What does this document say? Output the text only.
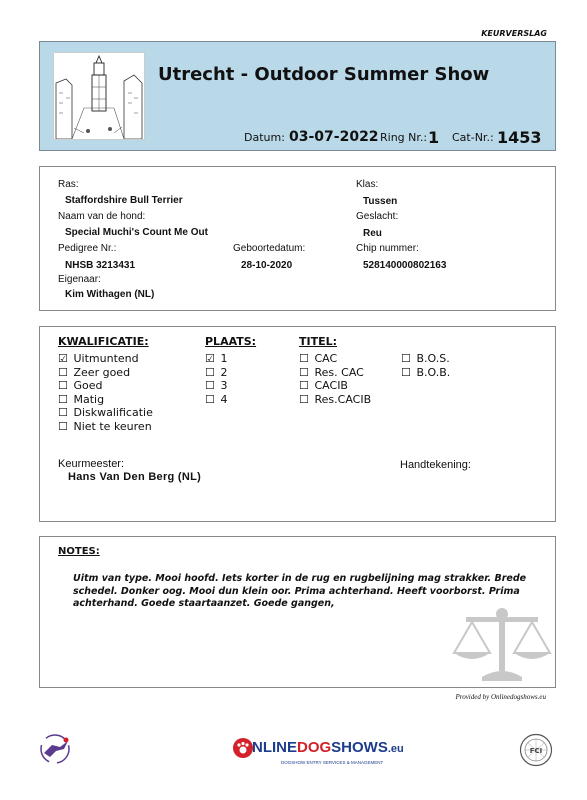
KEURVERSLAG
Utrecht - Outdoor Summer Show
Datum: 03-07-2022 Ring Nr.: 1 Cat-Nr.: 1453
Ras:
Staffordshire Bull Terrier
Naam van de hond:
Special Muchi's Count Me Out
Pedigree Nr.:
NHSB 3213431
Geboortedatum:
28-10-2020
Eigenaar:
Kim Withagen (NL)
Klas:
Tussen
Geslacht:
Reu
Chip nummer:
528140000802163
KWALIFICATIE:	PLAATS:	TITEL:
☑ Uitmuntend
☐ Zeer goed
☐ Goed
☐ Matig
☐ Diskwalificatie
☐ Niet te keuren
☑ 1
☐ 2
☐ 3
☐ 4
☐ CAC
☐ Res. CAC
☐ CACIB
☐ Res.CACIB
☐ B.O.S.
☐ B.O.B.
Keurmeester:
Hans Van Den Berg (NL)
Handtekening:
NOTES:
Uitm van type. Mooi hoofd. Iets korter in de rug en rugbelijning mag strakker. Brede schedel. Donker oog. Mooi dun klein oor. Prima achterhand. Heeft voorborst. Prima achterhand. Goede staartaanzet. Goede gangen,
Provided by Onlinedogshows.eu
NLINEDOGSHOWS.eu
DOGSHOW ENTRY SERVICES & MANAGEMENT
FCI
